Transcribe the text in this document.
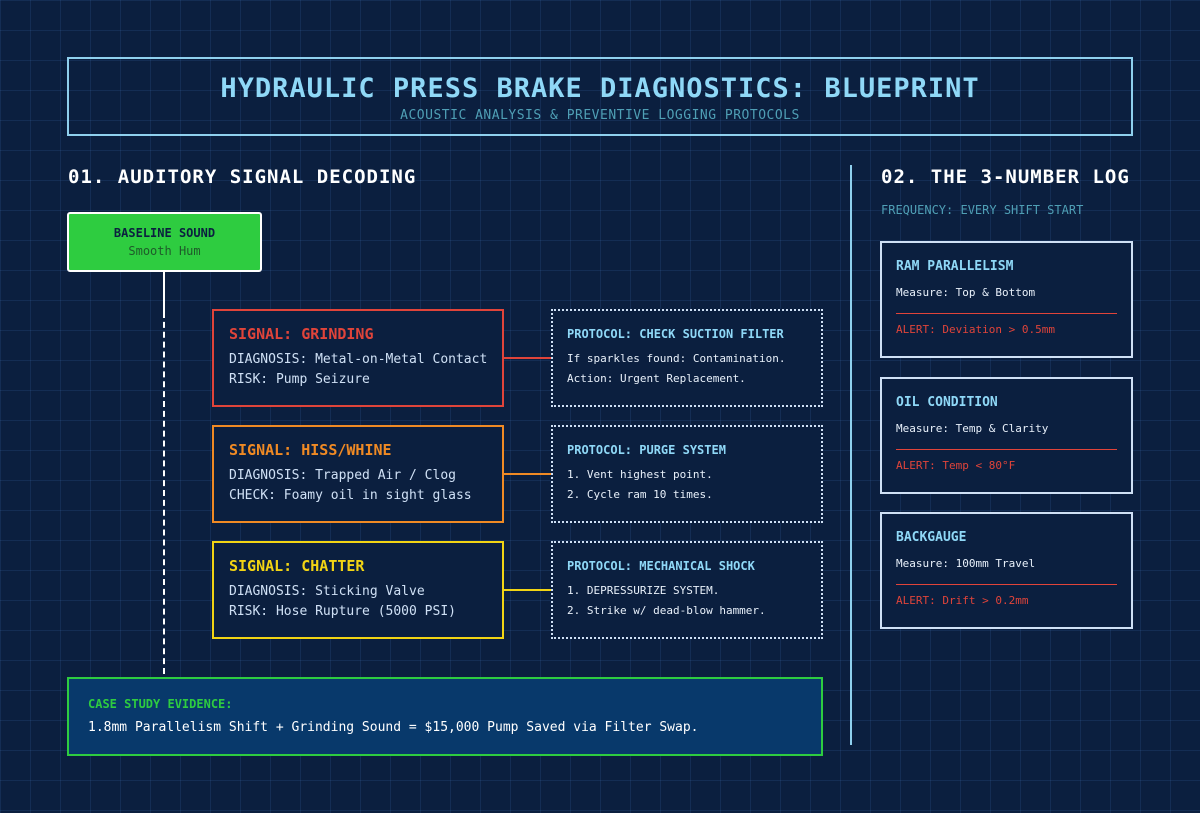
HYDRAULIC PRESS BRAKE DIAGNOSTICS: BLUEPRINT
ACOUSTIC ANALYSIS & PREVENTIVE LOGGING PROTOCOLS
01. AUDITORY SIGNAL DECODING
BASELINE SOUND
Smooth Hum
SIGNAL: GRINDING
DIAGNOSIS: Metal-on-Metal Contact
RISK: Pump Seizure
PROTOCOL: CHECK SUCTION FILTER
If sparkles found: Contamination.
Action: Urgent Replacement.
SIGNAL: HISS/WHINE
DIAGNOSIS: Trapped Air / Clog
CHECK: Foamy oil in sight glass
PROTOCOL: PURGE SYSTEM
1. Vent highest point.
2. Cycle ram 10 times.
SIGNAL: CHATTER
DIAGNOSIS: Sticking Valve
RISK: Hose Rupture (5000 PSI)
PROTOCOL: MECHANICAL SHOCK
1. DEPRESSURIZE SYSTEM.
2. Strike w/ dead-blow hammer.
CASE STUDY EVIDENCE:
1.8mm Parallelism Shift + Grinding Sound = $15,000 Pump Saved via Filter Swap.
02. THE 3-NUMBER LOG
FREQUENCY: EVERY SHIFT START
RAM PARALLELISM
Measure: Top & Bottom
ALERT: Deviation > 0.5mm
OIL CONDITION
Measure: Temp & Clarity
ALERT: Temp < 80°F
BACKGAUGE
Measure: 100mm Travel
ALERT: Drift > 0.2mm
